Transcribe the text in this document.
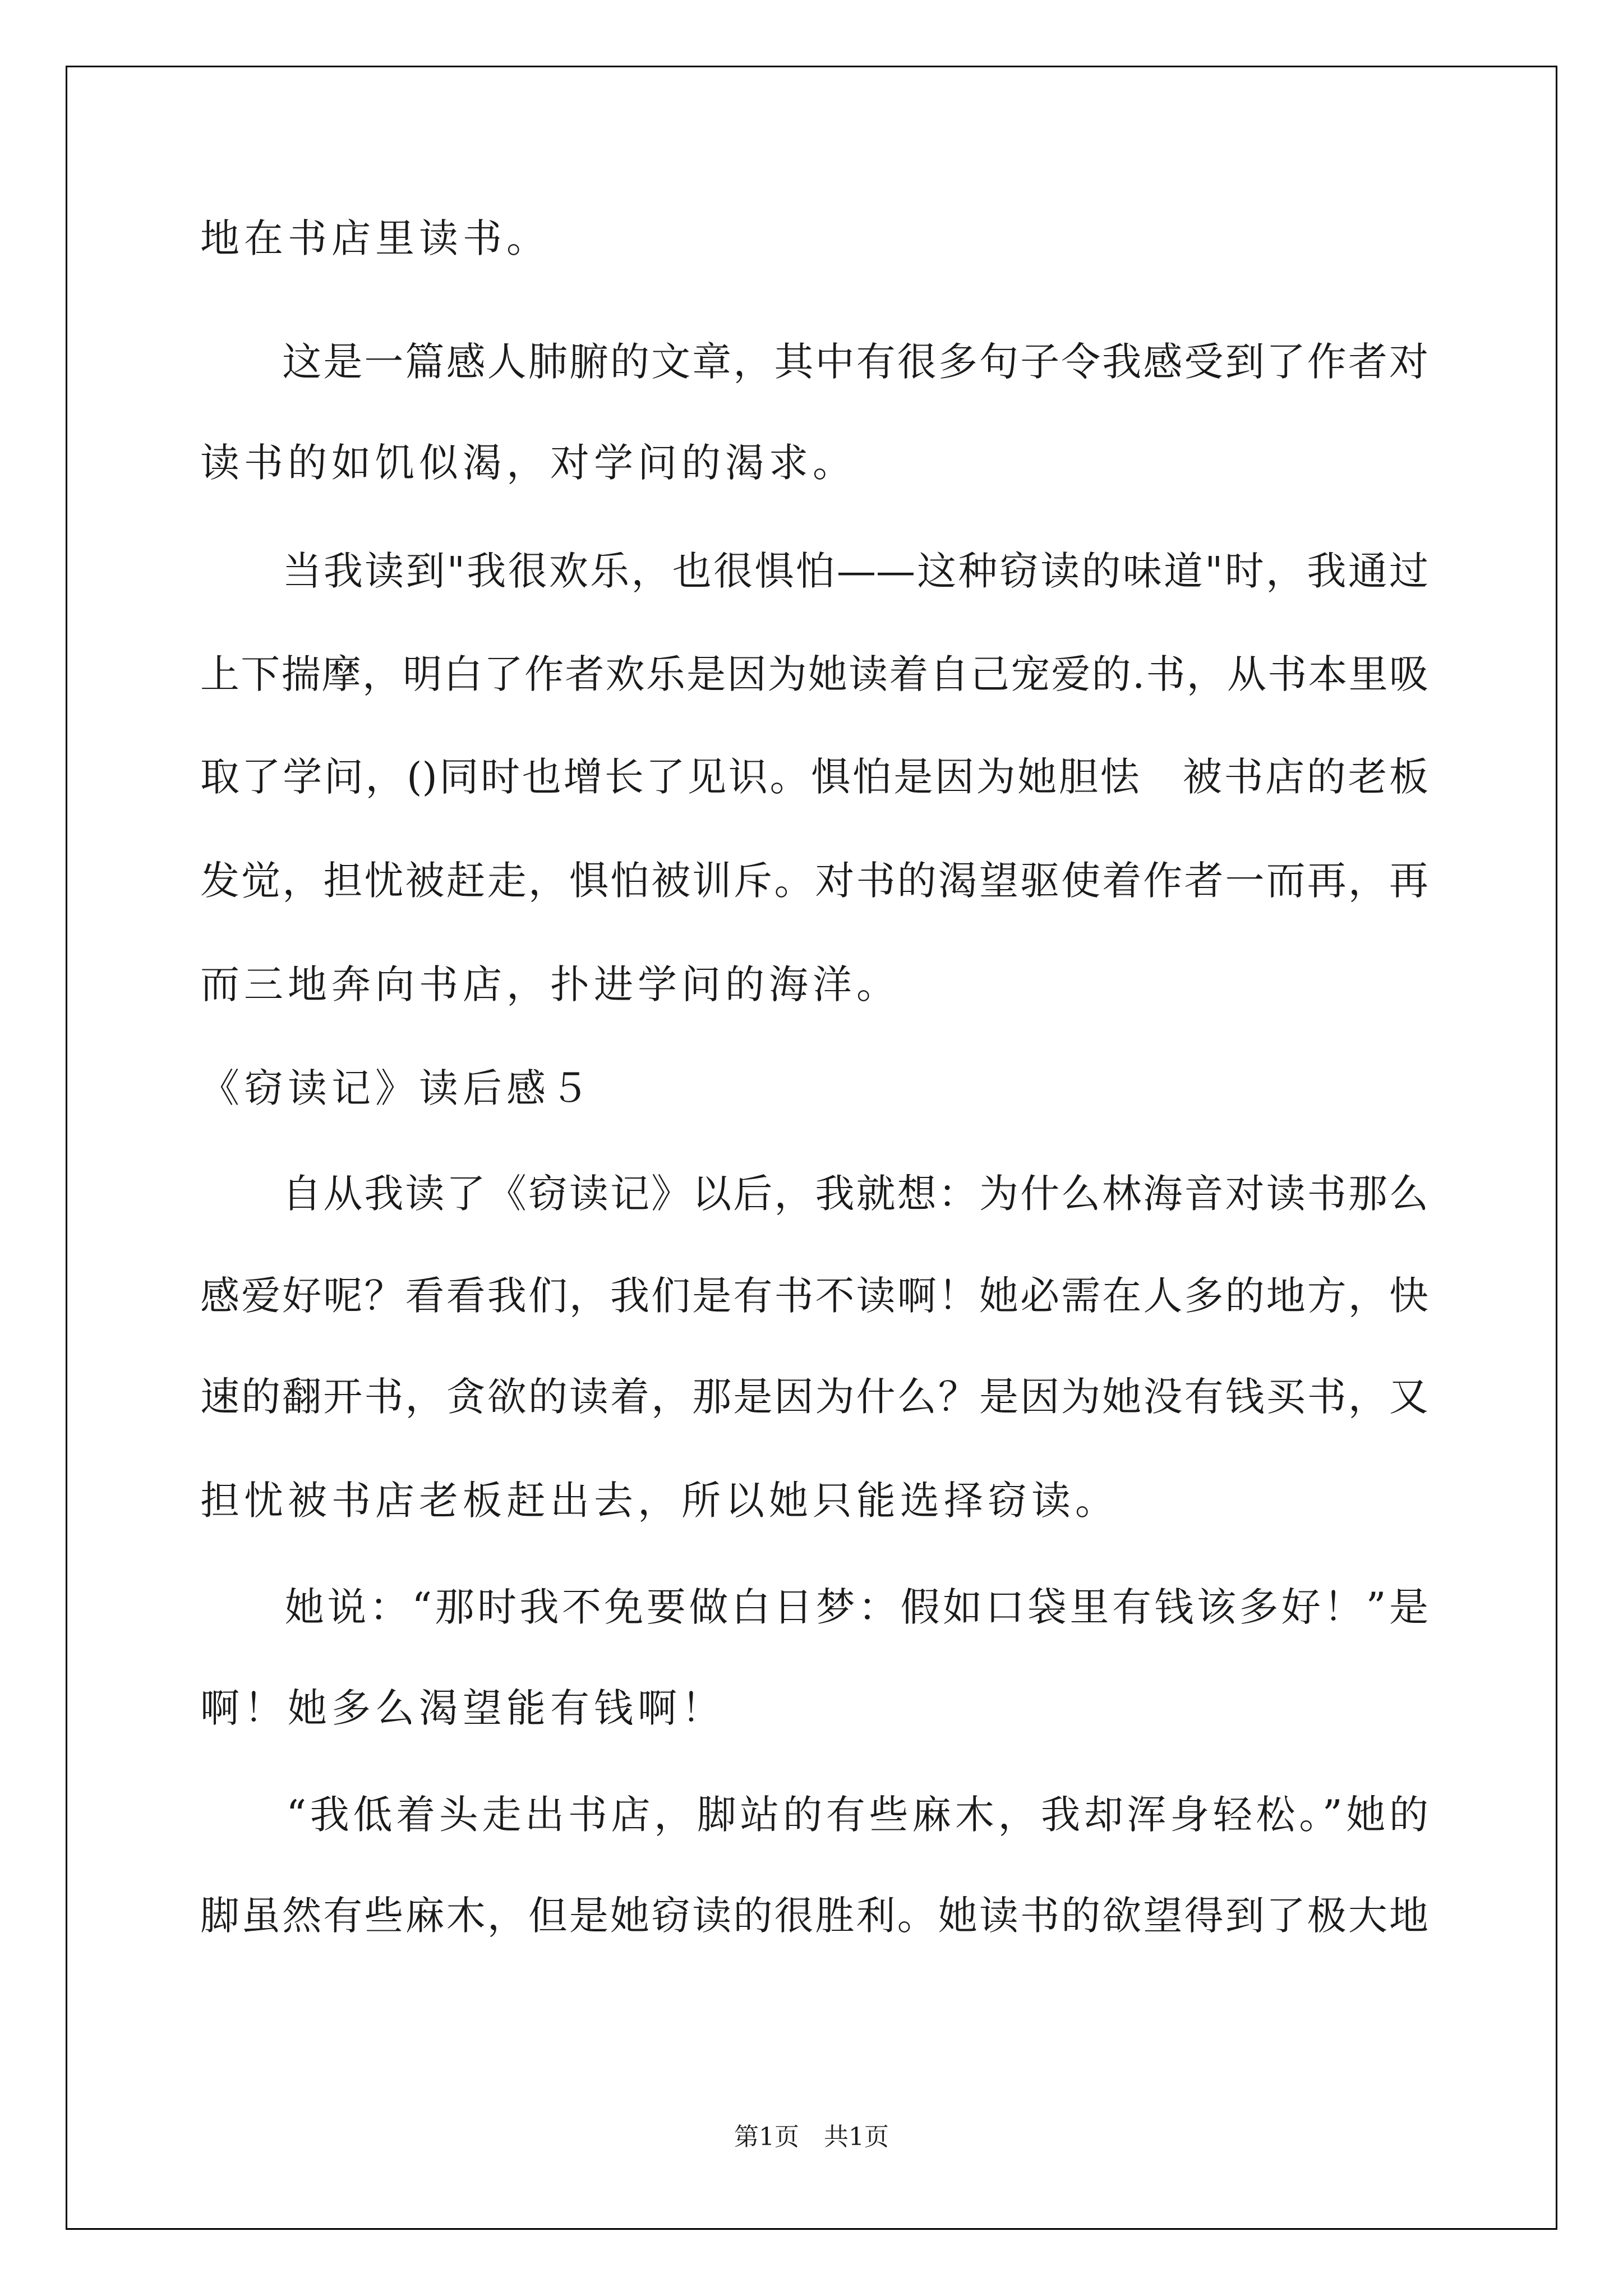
地在书店里读书。
　　这是一篇感人肺腑的文章，其中有很多句子令我感受到了作者对
读书的如饥似渴，对学问的渴求。
　　当我读到"我很欢乐，也很惧怕——这种窃读的味道"时，我通过
上下揣摩，明白了作者欢乐是因为她读着自己宠爱的.书，从书本里吸
取了学问，()同时也增长了见识。惧怕是因为她胆怯　被书店的老板
发觉，担忧被赶走，惧怕被训斥。对书的渴望驱使着作者一而再，再
而三地奔向书店，扑进学问的海洋。
《窃读记》读后感５
　　自从我读了《窃读记》以后，我就想：为什么林海音对读书那么
感爱好呢？看看我们，我们是有书不读啊！她必需在人多的地方，快
速的翻开书，贪欲的读着，那是因为什么？是因为她没有钱买书，又
担忧被书店老板赶出去，所以她只能选择窃读。
　　她说：“那时我不免要做白日梦：假如口袋里有钱该多好！”是
啊！她多么渴望能有钱啊！
　　“我低着头走出书店，脚站的有些麻木，我却浑身轻松。”她的
脚虽然有些麻木，但是她窃读的很胜利。她读书的欲望得到了极大地
第1页　共1页
